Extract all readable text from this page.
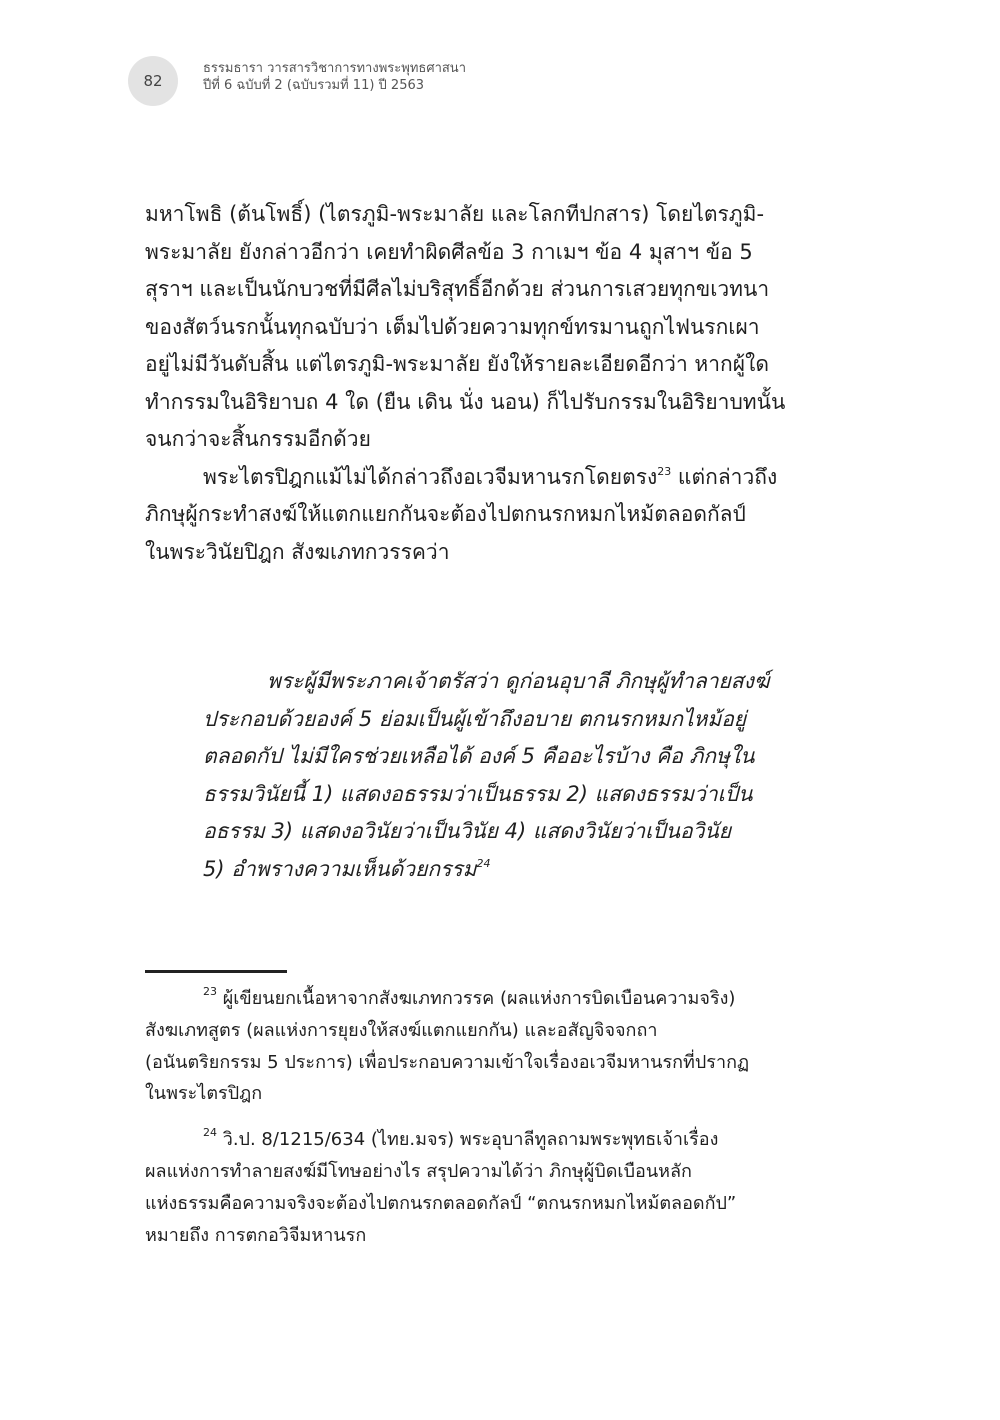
82
ธรรมธารา วารสารวิชาการทางพระพุทธศาสนา
ปีที่ 6 ฉบับที่ 2 (ฉบับรวมที่ 11) ปี 2563
มหาโพธิ (ต้นโพธิ์) (ไตรภูมิ-พระมาลัย และโลกทีปกสาร) โดยไตรภูมิ-
พระมาลัย ยังกล่าวอีกว่า เคยทำผิดศีลข้อ 3 กาเมฯ ข้อ 4 มุสาฯ ข้อ 5
สุราฯ และเป็นนักบวชที่มีศีลไม่บริสุทธิ์อีกด้วย ส่วนการเสวยทุกขเวทนา
ของสัตว์นรกนั้นทุกฉบับว่า เต็มไปด้วยความทุกข์ทรมานถูกไฟนรกเผา
อยู่ไม่มีวันดับสิ้น แต่ไตรภูมิ-พระมาลัย ยังให้รายละเอียดอีกว่า หากผู้ใด
ทำกรรมในอิริยาบถ 4 ใด (ยืน เดิน นั่ง นอน) ก็ไปรับกรรมในอิริยาบทนั้น
จนกว่าจะสิ้นกรรมอีกด้วย
พระไตรปิฎกแม้ไม่ได้กล่าวถึงอเวจีมหานรกโดยตรง$^{23}$ แต่กล่าวถึง
ภิกษุผู้กระทำสงฆ์ให้แตกแยกกันจะต้องไปตกนรกหมกไหม้ตลอดกัลป์
ในพระวินัยปิฎก สังฆเภทกวรรคว่า
พระผู้มีพระภาคเจ้าตรัสว่า ดูก่อนอุบาลี ภิกษุผู้ทำลายสงฆ์
ประกอบด้วยองค์ 5 ย่อมเป็นผู้เข้าถึงอบาย ตกนรกหมกไหม้อยู่
ตลอดกัป ไม่มีใครช่วยเหลือได้ องค์ 5 คืออะไรบ้าง คือ ภิกษุใน
ธรรมวินัยนี้ 1) แสดงอธรรมว่าเป็นธรรม 2) แสดงธรรมว่าเป็น
อธรรม 3) แสดงอวินัยว่าเป็นวินัย 4) แสดงวินัยว่าเป็นอวินัย
5) อำพรางความเห็นด้วยกรรม$^{24}$
$^{23}$ ผู้เขียนยกเนื้อหาจากสังฆเภทกวรรค (ผลแห่งการบิดเบือนความจริง)
สังฆเภทสูตร (ผลแห่งการยุยงให้สงฆ์แตกแยกกัน) และอสัญจิจจกถา
(อนันตริยกรรม 5 ประการ) เพื่อประกอบความเข้าใจเรื่องอเวจีมหานรกที่ปรากฏ
ในพระไตรปิฎก
$^{24}$ วิ.ป. 8/1215/634 (ไทย.มจร) พระอุบาลีทูลถามพระพุทธเจ้าเรื่อง
ผลแห่งการทำลายสงฆ์มีโทษอย่างไร สรุปความได้ว่า ภิกษุผู้บิดเบือนหลัก
แห่งธรรมคือความจริงจะต้องไปตกนรกตลอดกัลป์ “ตกนรกหมกไหม้ตลอดกัป”
หมายถึง การตกอวิจีมหานรก
